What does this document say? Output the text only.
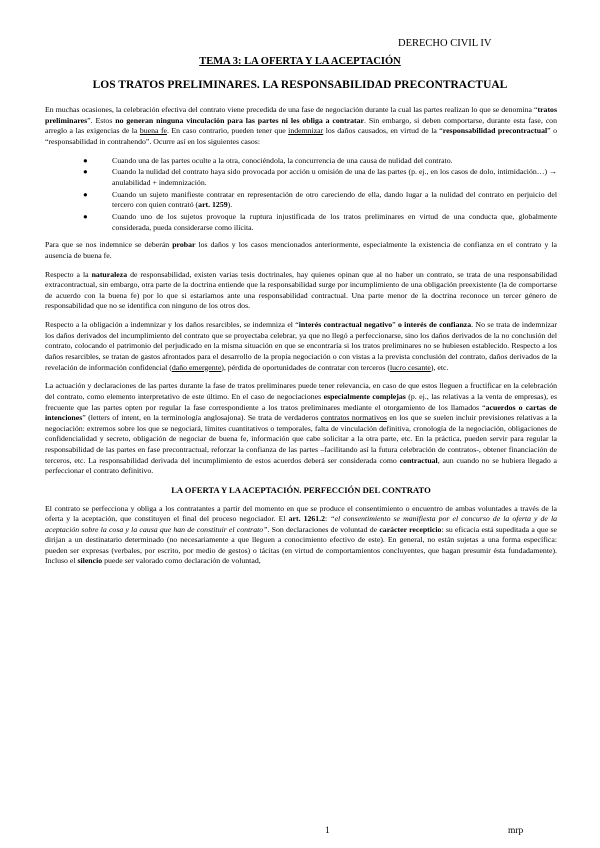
DERECHO CIVIL IV
TEMA 3: LA OFERTA Y LA ACEPTACIÓN
LOS TRATOS PRELIMINARES. LA RESPONSABILIDAD PRECONTRACTUAL

En muchas ocasiones, la celebración efectiva del contrato viene precedida de una fase de negociación durante la cual las partes realizan lo que se denomina “tratos preliminares”. Estos no generan ninguna vinculación para las partes ni les obliga a contratar. Sin embargo, si deben comportarse, durante esta fase, con arreglo a las exigencias de la buena fe. En caso contrario, pueden tener que indemnizar los daños causados, en virtud de la “responsabilidad precontractual” o “responsabilidad in contrahendo”. Ocurre así en los siguientes casos:

●	Cuando una de las partes oculte a la otra, conociéndola, la concurrencia de una causa de nulidad del contrato.
●	Cuando la nulidad del contrato haya sido provocada por acción u omisión de una de las partes (p. ej., en los casos de dolo, intimidación…) → anulabilidad + indemnización.
●	Cuando un sujeto manifieste contratar en representación de otro careciendo de ella, dando lugar a la nulidad del contrato en perjuicio del tercero con quien contrató (art. 1259).
●	Cuando uno de los sujetos provoque la ruptura injustificada de los tratos preliminares en virtud de una conducta que, globalmente considerada, pueda considerarse como ilícita.

Para que se nos indemnice se deberán probar los daños y los casos mencionados anteriormente, especialmente la existencia de confianza en el contrato y la ausencia de buena fe.

Respecto a la naturaleza de responsabilidad, existen varias tesis doctrinales, hay quienes opinan que al no haber un contrato, se trata de una responsabilidad extracontractual, sin embargo, otra parte de la doctrina entiende que la responsabilidad surge por incumplimiento de una obligación preexistente (la de comportarse de acuerdo con la buena fe) por lo que si estaríamos ante una responsabilidad contractual. Una parte menor de la doctrina reconoce un tercer género de responsabilidad que no se identifica con ninguno de los otros dos.

Respecto a la obligación a indemnizar y los daños resarcibles, se indemniza el “interés contractual negativo” o interés de confianza. No se trata de indemnizar los daños derivados del incumplimiento del contrato que se proyectaba celebrar, ya que no llegó a perfeccionarse, sino los daños derivados de la no conclusión del contrato, colocando el patrimonio del perjudicado en la misma situación en que se encontraría si los tratos preliminares no se hubiesen establecido. Respecto a los daños resarcibles, se tratan de gastos afrontados para el desarrollo de la propia negociación o con vistas a la prevista conclusión del contrato, daños derivados de la revelación de información confidencial (daño emergente), pérdida de oportunidades de contratar con terceros (lucro cesante), etc.

La actuación y declaraciones de las partes durante la fase de tratos preliminares puede tener relevancia, en caso de que estos lleguen a fructificar en la celebración del contrato, como elemento interpretativo de este último. En el caso de negociaciones especialmente complejas (p. ej., las relativas a la venta de empresas), es frecuente que las partes opten por regular la fase correspondiente a los tratos preliminares mediante el otorgamiento de los llamados “acuerdos o cartas de intenciones” (letters of intent, en la terminología anglosajona). Se trata de verdaderos contratos normativos en los que se suelen incluir previsiones relativas a la negociación: extremos sobre los que se negociará, límites cuantitativos o temporales, falta de vinculación definitiva, cronología de la negociación, obligaciones de confidencialidad y secreto, obligación de negociar de buena fe, información que cabe solicitar a la otra parte, etc. En la práctica, pueden servir para regular la responsabilidad de las partes en fase precontractual, reforzar la confianza de las partes –facilitando así la futura celebración de contratos-, obtener financiación de terceros, etc. La responsabilidad derivada del incumplimiento de estos acuerdos deberá ser considerada como contractual, aun cuando no se hubiera llegado a perfeccionar el contrato definitivo.

LA OFERTA Y LA ACEPTACIÓN. PERFECCIÓN DEL CONTRATO

El contrato se perfecciona y obliga a los contratantes a partir del momento en que se produce el consentimiento o encuentro de ambas voluntades a través de la oferta y la aceptación, que constituyen el final del proceso negociador. El art. 1261.2: “el consentimiento se manifiesta por el concurso de la oferta y de la aceptación sobre la cosa y la causa que han de constituir el contrato”. Son declaraciones de voluntad de carácter recepticio: su eficacia está supeditada a que se dirijan a un destinatario determinado (no necesariamente a que lleguen a conocimiento efectivo de este). En general, no están sujetas a una forma específica: pueden ser expresas (verbales, por escrito, por medio de gestos) o tácitas (en virtud de comportamientos concluyentes, que hagan presumir ésta fundadamente). Incluso el silencio puede ser valorado como declaración de voluntad,

1	mrp
